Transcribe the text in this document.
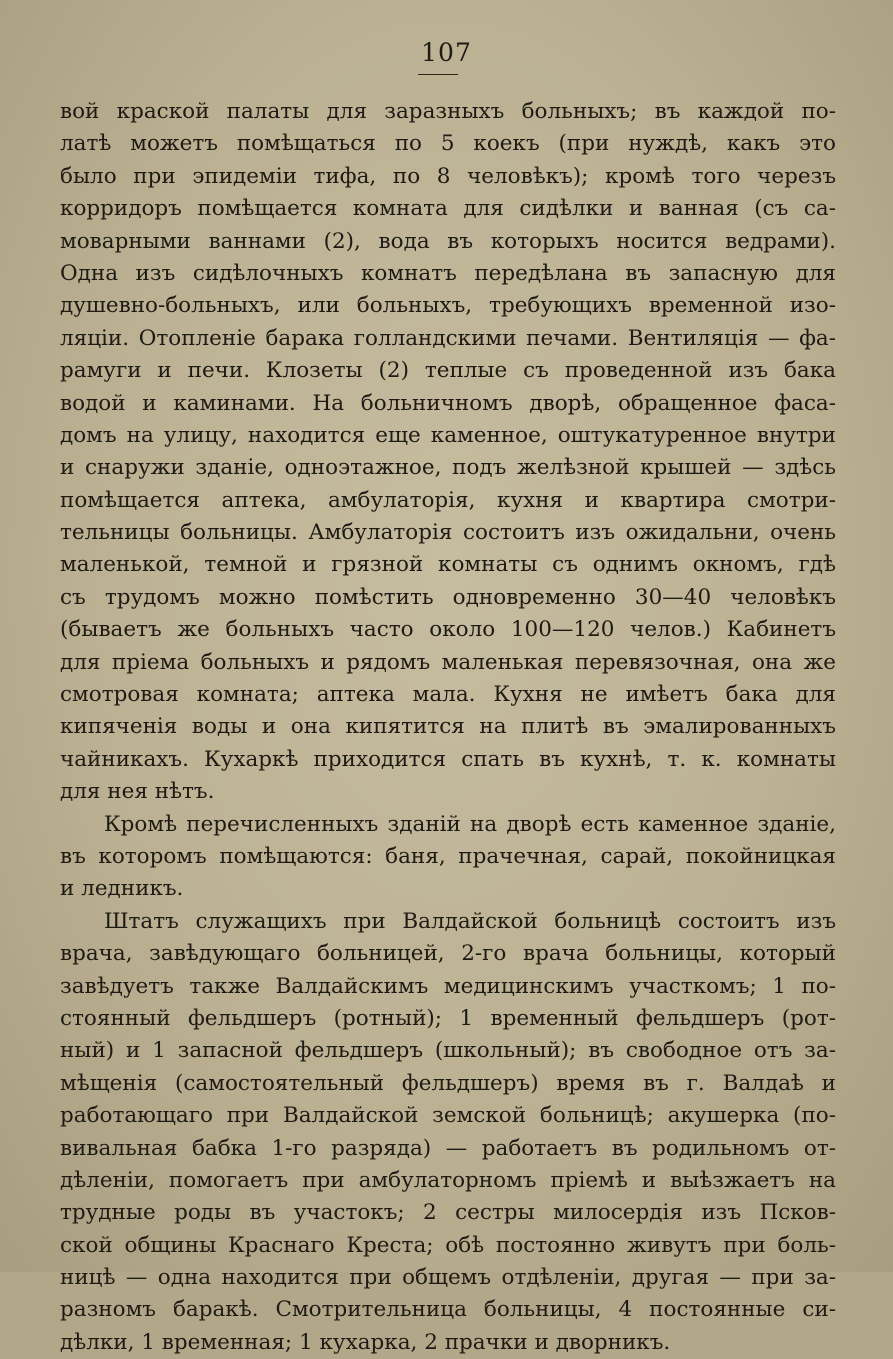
107
вой краской палаты для заразныхъ больныхъ; въ каждой по-
латѣ можетъ помѣщаться по 5 коекъ (при нуждѣ, какъ это
было при эпидеміи тифа, по 8 человѣкъ); кромѣ того черезъ
корридоръ помѣщается комната для сидѣлки и ванная (съ са-
моварными ваннами (2), вода въ которыхъ носится ведрами).
Одна изъ сидѣлочныхъ комнатъ передѣлана въ запасную для
душевно-больныхъ, или больныхъ, требующихъ временной изо-
ляціи. Отопленіе барака голландскими печами. Вентиляція — фа-
рамуги и печи. Клозеты (2) теплые съ проведенной изъ бака
водой и каминами. На больничномъ дворѣ, обращенное фаса-
домъ на улицу, находится еще каменное, оштукатуренное внутри
и снаружи зданіе, одноэтажное, подъ желѣзной крышей — здѣсь
помѣщается аптека, амбулаторія, кухня и квартира смотри-
тельницы больницы. Амбулаторія состоитъ изъ ожидальни, очень
маленькой, темной и грязной комнаты съ однимъ окномъ, гдѣ
съ трудомъ можно помѣстить одновременно 30—40 человѣкъ
(бываетъ же больныхъ часто около 100—120 челов.) Кабинетъ
для пріема больныхъ и рядомъ маленькая перевязочная, она же
смотровая комната; аптека мала. Кухня не имѣетъ бака для
кипяченія воды и она кипятится на плитѣ въ эмалированныхъ
чайникахъ. Кухаркѣ приходится спать въ кухнѣ, т. к. комнаты
для нея нѣтъ.
Кромѣ перечисленныхъ зданій на дворѣ есть каменное зданіе,
въ которомъ помѣщаются: баня, прачечная, сарай, покойницкая
и ледникъ.
Штатъ служащихъ при Валдайской больницѣ состоитъ изъ
врача, завѣдующаго больницей, 2-го врача больницы, который
завѣдуетъ также Валдайскимъ медицинскимъ участкомъ; 1 по-
стоянный фельдшеръ (ротный); 1 временный фельдшеръ (рот-
ный) и 1 запасной фельдшеръ (школьный); въ свободное отъ за-
мѣщенія (самостоятельный фельдшеръ) время въ г. Валдаѣ и
работающаго при Валдайской земской больницѣ; акушерка (по-
вивальная бабка 1-го разряда) — работаетъ въ родильномъ от-
дѣленіи, помогаетъ при амбулаторномъ пріемѣ и выѣзжаетъ на
трудные роды въ участокъ; 2 сестры милосердія изъ Псков-
ской общины Краснаго Креста; обѣ постоянно живутъ при боль-
ницѣ — одна находится при общемъ отдѣленіи, другая — при за-
разномъ баракѣ. Смотрительница больницы, 4 постоянные си-
дѣлки, 1 временная; 1 кухарка, 2 прачки и дворникъ.
